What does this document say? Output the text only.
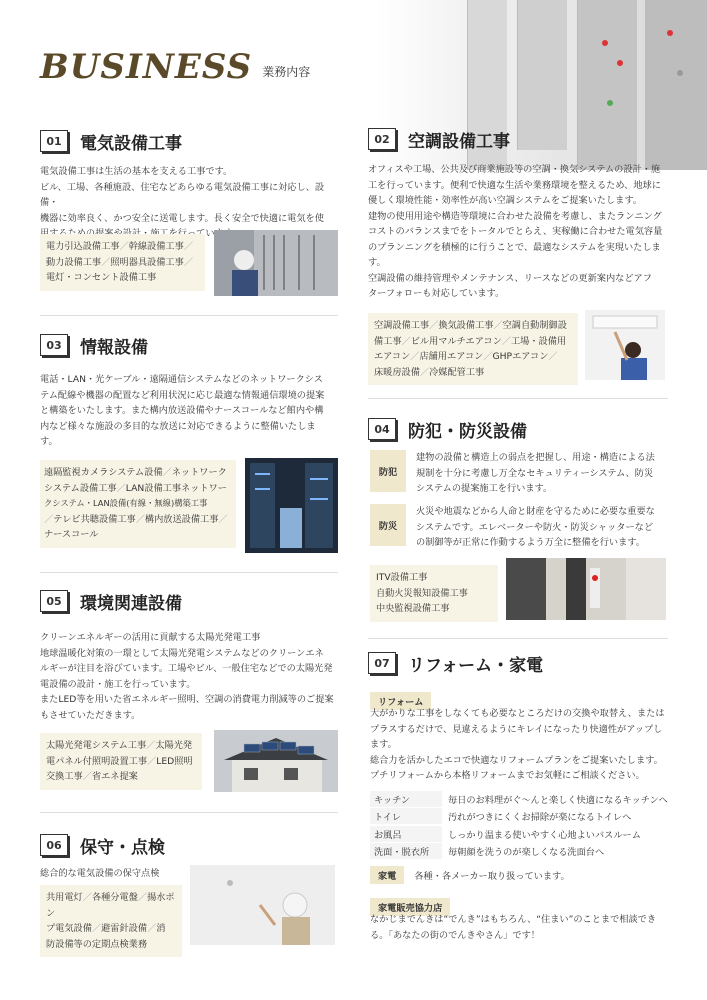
BUSINESS 業務内容
01	電気設備工事
電気設備工事は生活の基本を支える工事です。
ビル、工場、各種施設、住宅などあらゆる電気設備工事に対応し、設備・
機器に効率良く、かつ安全に送電します。長く安全で快適に電気を使
電力引込設備工事／幹線設備工事／
動力設備工事／照明器具設備工事／
電灯・コンセント設備工事
03	情報設備
電話・LAN・光ケーブル・遠隔通信システムなどのネットワークシス
テム配線や機器の配置など利用状況に応じ最適な情報通信環境の提案
と構築をいたします。また構内放送設備やナースコールなど館内や構
内など様々な施設の多目的な放送に対応できるように整備いたしま
す。
遠隔監視カメラシステム設備／ネットワーク
システム設備工事／LAN設備工事ネットワー
クシステム・LAN設備(有線・無線)構築工事
／テレビ共聴設備工事／構内放送設備工事／
ナースコール
05	環境関連設備
クリーンエネルギーの活用に貢献する太陽光発電工事
地球温暖化対策の一環として太陽光発電システムなどのクリーンエネ
ルギーが注目を浴びています。工場やビル、一般住宅などでの太陽光発
電設備の設計・施工を行っています。
またLED等を用いた省エネルギー照明、空調の消費電力削減等のご提案
もさせていただきます。
太陽光発電システム工事／太陽光発
電パネル付照明設置工事／LED照明
交換工事／省エネ提案
06	保守・点検
総合的な電気設備の保守点検
共用電灯／各種分電盤／揚水ポン
プ電気設備／避雷針設備／消
防設備等の定期点検業務
02	空調設備工事
オフィスや工場、公共及び商業施設等の空調・換気システムの設計・施
工を行っています。便利で快適な生活や業務環境を整えるため、地球に
優しく環境性能・効率性が高い空調システムをご提案いたします。
建物の使用用途や構造等環境に合わせた設備を考慮し、またランニング
コストのバランスまでをトータルでとらえ、実稼働に合わせた電気容量
のプランニングを積極的に行うことで、最適なシステムを実現いたしま
す。
空調設備の維持管理やメンテナンス、リースなどの更新案内などアフ
ターフォローも対応しています。
空調設備工事／換気設備工事／空調自動制御設
備工事／ビル用マルチエアコン／工場・設備用
エアコン／店舗用エアコン／GHPエアコン／
床暖房設備／冷媒配管工事
04	防犯・防災設備
防犯
建物の設備と構造上の弱点を把握し、用途・構造による法
規制を十分に考慮し万全なセキュリティーシステム、防災
システムの提案施工を行います。
防災
火災や地震などから人命と財産を守るために必要な重要な
システムです。エレベーターや防火・防災シャッターなど
の制御等が正常に作動するよう万全に整備を行います。
ITV設備工事
自動火災報知設備工事
中央監視設備工事
07	リフォーム・家電
リフォーム
大がかりな工事をしなくても必要なところだけの交換や取替え、または
プラスするだけで、見違えるようにキレイになったり快適性がアップし
ます。
総合力を活かしたエコで快適なリフォームプランをご提案いたします。
プチリフォームから本格リフォームまでお気軽にご相談ください。
キッチン	毎日のお料理がぐ～んと楽しく快適になるキッチンへ
トイレ	汚れがつきにくくお掃除が楽になるトイレへ
お風呂	しっかり温まる使いやすく心地よいバスルーム
洗面・脱衣所	毎朝顔を洗うのが楽しくなる洗面台へ
家電	各種・各メーカー取り扱っています。
家電販売協力店
なかじまでんきは“でんき”はもちろん、“住まい”のことまで相談でき
る。「あなたの街のでんきやさん」です！
